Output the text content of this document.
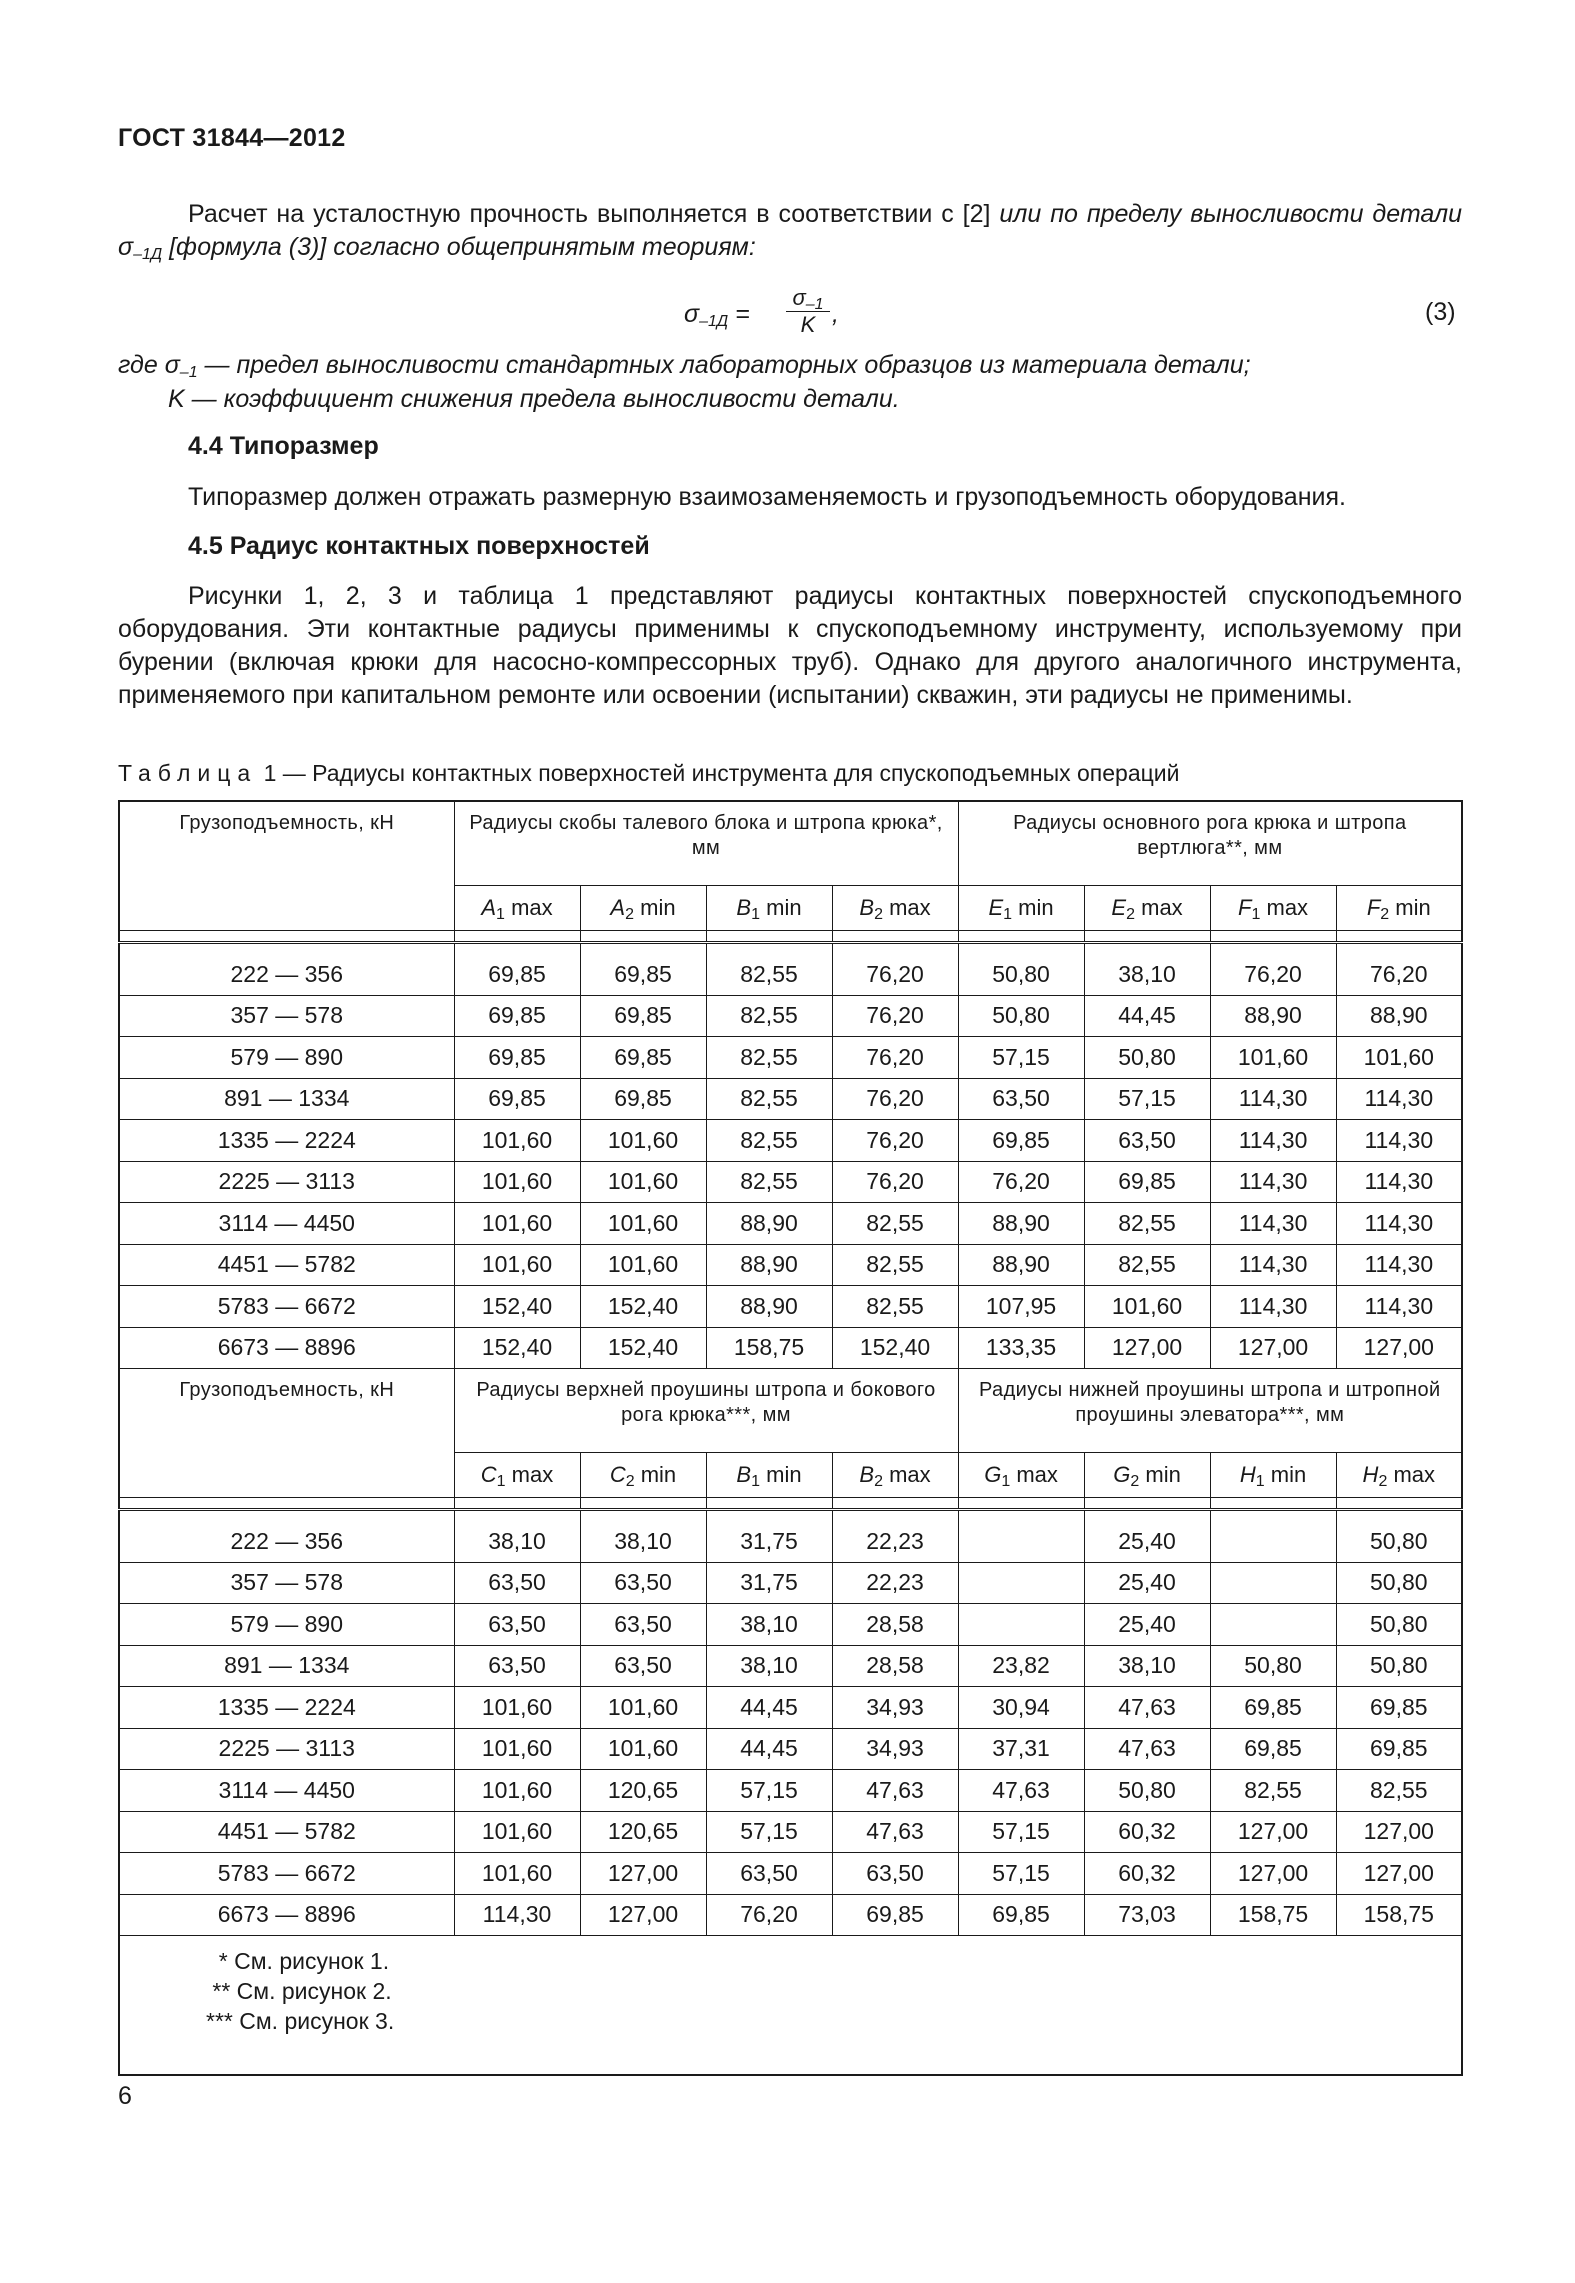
ГОСТ 31844—2012

Расчет на усталостную прочность выполняется в соответствии с [2] или по пределу выносливости детали $\sigma_{-1Д}$ [формула (3)] согласно общепринятым теориям:

$\sigma_{-1Д} = \frac{\sigma_{-1}}{K}$ ,	(3)
где $\sigma_{-1}$ — предел выносливости стандартных лабораторных образцов из материала детали;
K — коэффициент снижения предела выносливости детали.
4.4 Типоразмер

Типоразмер должен отражать размерную взаимозаменяемость и грузоподъемность оборудования.

4.5 Радиус контактных поверхностей

Рисунки 1, 2, 3 и таблица 1 представляют радиусы контактных поверхностей спускоподъемного оборудования. Эти контактные радиусы применимы к спускоподъемному инструменту, используемому при бурении (включая крюки для насосно-компрессорных труб). Однако для другого аналогичного инструмента, применяемого при капитальном ремонте или освоении (испытании) скважин, эти радиусы не применимы.

Таблица 1 — Радиусы контактных поверхностей инструмента для спускоподъемных операций
Грузоподъемность, кН	Радиусы скобы талевого блока и штропа крюка*, мм				Радиусы основного рога крюка и штропа вертлюга**, мм			
	$A_1$ max	$A_2$ min	$B_1$ min	$B_2$ max	$E_1$ min	$E_2$ max	$F_1$ max	$F_2$ min

222 — 356	69,85	69,85	82,55	76,20	50,80	38,10	76,20	76,20
357 — 578	69,85	69,85	82,55	76,20	50,80	44,45	88,90	88,90
579 — 890	69,85	69,85	82,55	76,20	57,15	50,80	101,60	101,60
891 — 1334	69,85	69,85	82,55	76,20	63,50	57,15	114,30	114,30
1335 — 2224	101,60	101,60	82,55	76,20	69,85	63,50	114,30	114,30
2225 — 3113	101,60	101,60	82,55	76,20	76,20	69,85	114,30	114,30
3114 — 4450	101,60	101,60	88,90	82,55	88,90	82,55	114,30	114,30
4451 — 5782	101,60	101,60	88,90	82,55	88,90	82,55	114,30	114,30
5783 — 6672	152,40	152,40	88,90	82,55	107,95	101,60	114,30	114,30
6673 — 8896	152,40	152,40	158,75	152,40	133,35	127,00	127,00	127,00
Грузоподъемность, кН	Радиусы верхней проушины штропа и бокового рога крюка***, мм				Радиусы нижней проушины штропа и штропной проушины элеватора***, мм			
	$C_1$ max	$C_2$ min	$B_1$ min	$B_2$ max	$G_1$ max	$G_2$ min	$H_1$ min	$H_2$ max

222 — 356	38,10	38,10	31,75	22,23		25,40		50,80
357 — 578	63,50	63,50	31,75	22,23		25,40		50,80
579 — 890	63,50	63,50	38,10	28,58		25,40		50,80
891 — 1334	63,50	63,50	38,10	28,58	23,82	38,10	50,80	50,80
1335 — 2224	101,60	101,60	44,45	34,93	30,94	47,63	69,85	69,85
2225 — 3113	101,60	101,60	44,45	34,93	37,31	47,63	69,85	69,85
3114 — 4450	101,60	120,65	57,15	47,63	47,63	50,80	82,55	82,55
4451 — 5782	101,60	120,65	57,15	47,63	57,15	60,32	127,00	127,00
5783 — 6672	101,60	127,00	63,50	63,50	57,15	60,32	127,00	127,00
6673 — 8896	114,30	127,00	76,20	69,85	69,85	73,03	158,75	158,75

* См. рисунок 1.
** См. рисунок 2.
*** См. рисунок 3.								
6
